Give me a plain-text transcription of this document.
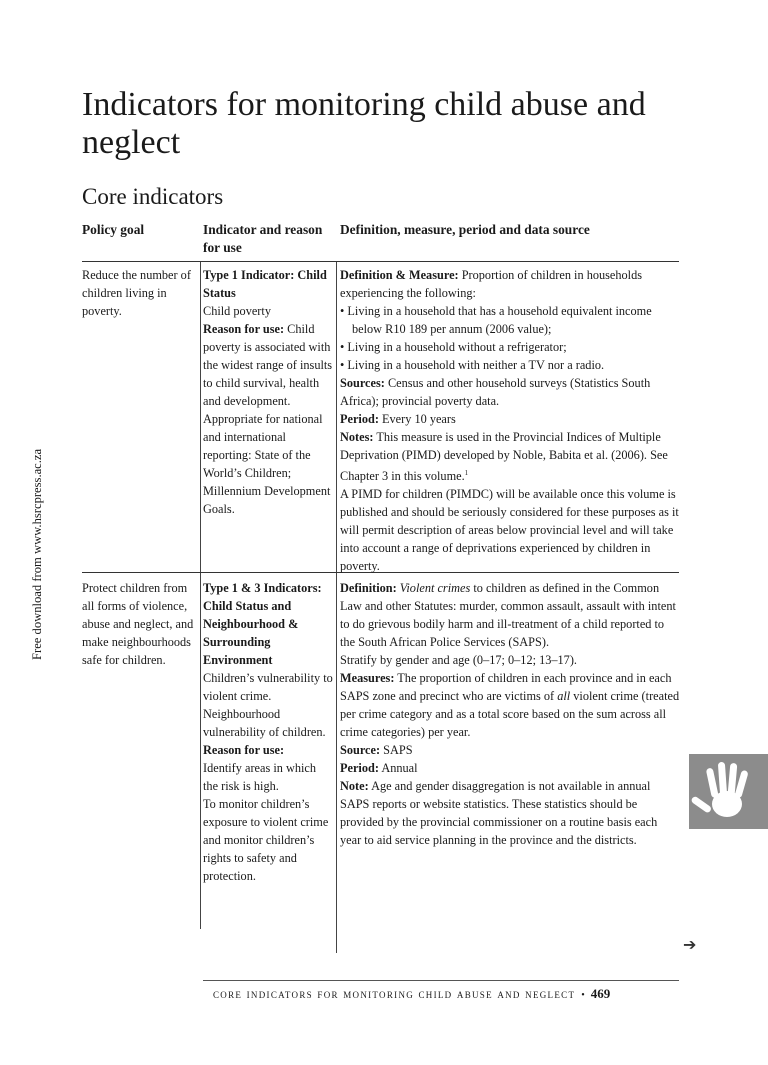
Free download from www.hsrcpress.ac.za
Indicators for monitoring child abuse and neglect
Core indicators
Policy goal	Indicator and reason for use
Definition, measure, period and data source
Reduce the number of children living in poverty.
Type 1 Indicator: Child Status
Child poverty
Reason for use: Child poverty is associated with the widest range of insults to child survival, health and development. Appropriate for national and international reporting: State of the World’s Children; Millennium Development Goals.
Definition & Measure: Proportion of children in households experiencing the following:
• Living in a household that has a household equivalent income below R10 189 per annum (2006 value);
• Living in a household without a refrigerator;
• Living in a household with neither a TV nor a radio.
Sources: Census and other household surveys (Statistics South Africa); provincial poverty data.
Period: Every 10 years
Notes: This measure is used in the Provincial Indices of Multiple Deprivation (PIMD) developed by Noble, Babita et al. (2006). See Chapter 3 in this volume.$^1$
A PIMD for children (PIMDC) will be available once this volume is published and should be seriously considered for these purposes as it will permit description of areas below provincial level and will take into account a range of deprivations experienced by children in poverty.
Protect children from all forms of violence, abuse and neglect, and make neighbourhoods safe for children.
Type 1 & 3 Indicators: Child Status and Neighbourhood & Surrounding Environment
Children’s vulnerability to violent crime.
Neighbourhood vulnerability of children.
Reason for use:
Identify areas in which the risk is high.
To monitor children’s exposure to violent crime and monitor children’s rights to safety and protection.
Definition: Violent crimes to children as defined in the Common Law and other Statutes: murder, common assault, assault with intent to do grievous bodily harm and ill-treatment of a child reported to the South African Police Services (SAPS).
Stratify by gender and age (0–17; 0–12; 13–17).
Measures: The proportion of children in each province and in each SAPS zone and precinct who are victims of all violent crime (treated per crime category and as a total score based on the sum across all crime categories) per year.
Source: SAPS
Period: Annual
Note: Age and gender disaggregation is not available in annual SAPS reports or website statistics. These statistics should be provided by the provincial commissioner on a routine basis each year to aid service planning in the province and the districts.
➔
core indicators for monitoring child abuse and neglect • 469
